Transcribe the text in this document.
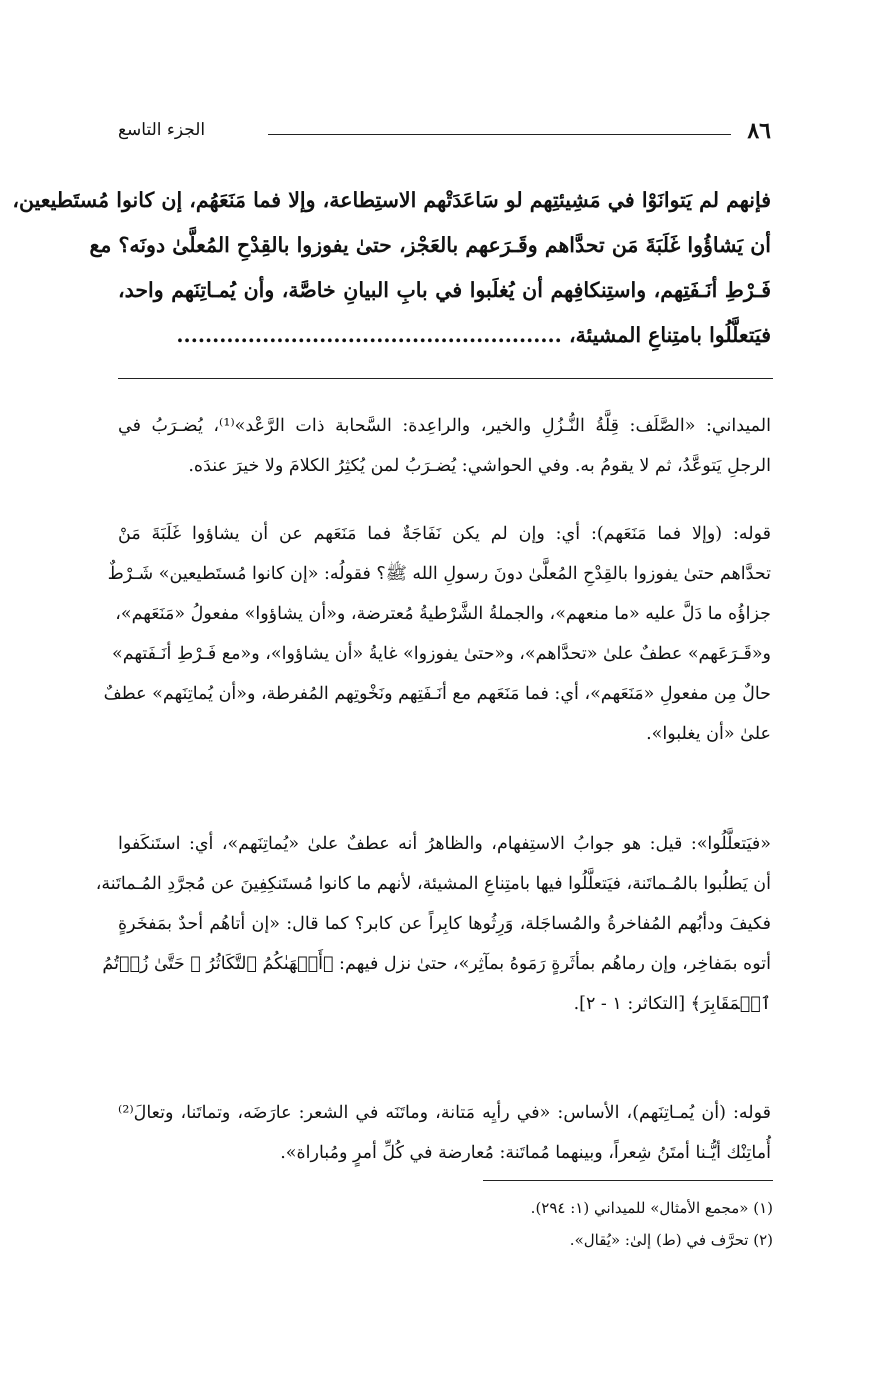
٨٦
الجزء التاسع
فإنهم لم يَتوانَوْا في مَشِيئتِهم لو سَاعَدَتْهم الاستِطاعة، وإلا فما مَنَعَهُم، إن كانوا مُستَطيعين،
أن يَشاؤُوا غَلَبَةَ مَن تحدَّاهم وقَـرَعهم بالعَجْز، حتىٰ يفوزوا بالقِدْحِ المُعلَّىٰ دونَه؟ مع
فَـرْطِ أنَـفَتِهم، واستِنكافِهم أن يُغلَبوا في بابِ البيانِ خاصَّة، وأن يُمـاتِنَهم واحد،
فيَتعلَّلُوا بامتِناعِ المشيئة، ......................................................
الميداني: «الصَّلَف: قِلَّةُ النُّـزُلِ والخير، والراعِدة: السَّحابة ذات الرَّعْد»⁽¹⁾، يُضـرَبُ في
الرجلِ يَتوعَّدُ، ثم لا يقومُ به. وفي الحواشي: يُضـرَبُ لمن يُكثِرُ الكلامَ ولا خيرَ عندَه.
قوله: (وإلا فما مَنَعَهم): أي: وإن لم يكن نَفَاجَةٌ فما مَنَعَهم عن أن يشاؤوا غَلَبَةَ مَنْ
تحدَّاهم حتىٰ يفوزوا بالقِدْحِ المُعلَّىٰ دونَ رسولِ الله ﷺ؟ فقولُه: «إن كانوا مُستَطيعين» شَـرْطٌ
جزاؤُه ما دَلَّ عليه «ما منعهم»، والجملةُ الشَّرْطيةُ مُعترضة، و«أن يشاؤوا» مفعولُ «مَنَعَهم»،
و«قَـرَعَهم» عطفٌ علىٰ «تحدَّاهم»، و«حتىٰ يفوزوا» غايةُ «أن يشاؤوا»، و«مع فَـرْطِ أنَـفَتهم»
حالٌ مِن مفعولِ «مَنَعَهم»، أي: فما مَنَعَهم مع أنَـفَتِهم ونَخْوتِهم المُفرطة، و«أن يُماتِنَهم» عطفٌ
علىٰ «أن يغلبوا».
«فيَتعلَّلُوا»: قيل: هو جوابُ الاستِفهام، والظاهرُ أنه عطفٌ علىٰ «يُماتِنَهم»، أي: استَنكَفوا
أن يَطلُبوا بالمُـماتَنة، فيَتعلَّلُوا فيها بامتِناعِ المشيئة، لأنهم ما كانوا مُستَنكِفِينَ عن مُجرَّدِ المُـماتَنة،
فكيفَ ودأبُهم المُفاخرةُ والمُساجَلة، وَرِثُوها كابِراً عن كابر؟ كما قال: «إن أتاهُم أحدٌ بمَفخَرةٍ
أتوه بمَفاخِر، وإن رماهُم بمأثَرةٍ رَمَوهُ بمآثِر»، حتىٰ نزل فيهم: ﴿أَلۡهَىٰكُمُ ٱلتَّكَاثُرُ ۞ حَتَّىٰ زُرۡتُمُ
ٱلۡمَقَابِرَ﴾ [التكاثر: ١ - ٢].
قوله: (أن يُمـاتِنَهم)، الأساس: «في رأيِه مَتانة، وماتَنَه في الشعر: عارَضَه، وتماتَنا، وتعالَ⁽²⁾
أُماتِنْك أيُّـنا أمتَنُ شِعراً، وبينهما مُماتَنة: مُعارضة في كُلِّ أمرٍ ومُباراة».
(١) «مجمع الأمثال» للميداني (١: ٢٩٤).
(٢) تحرَّف في (ط) إلىٰ: «يُقال».
